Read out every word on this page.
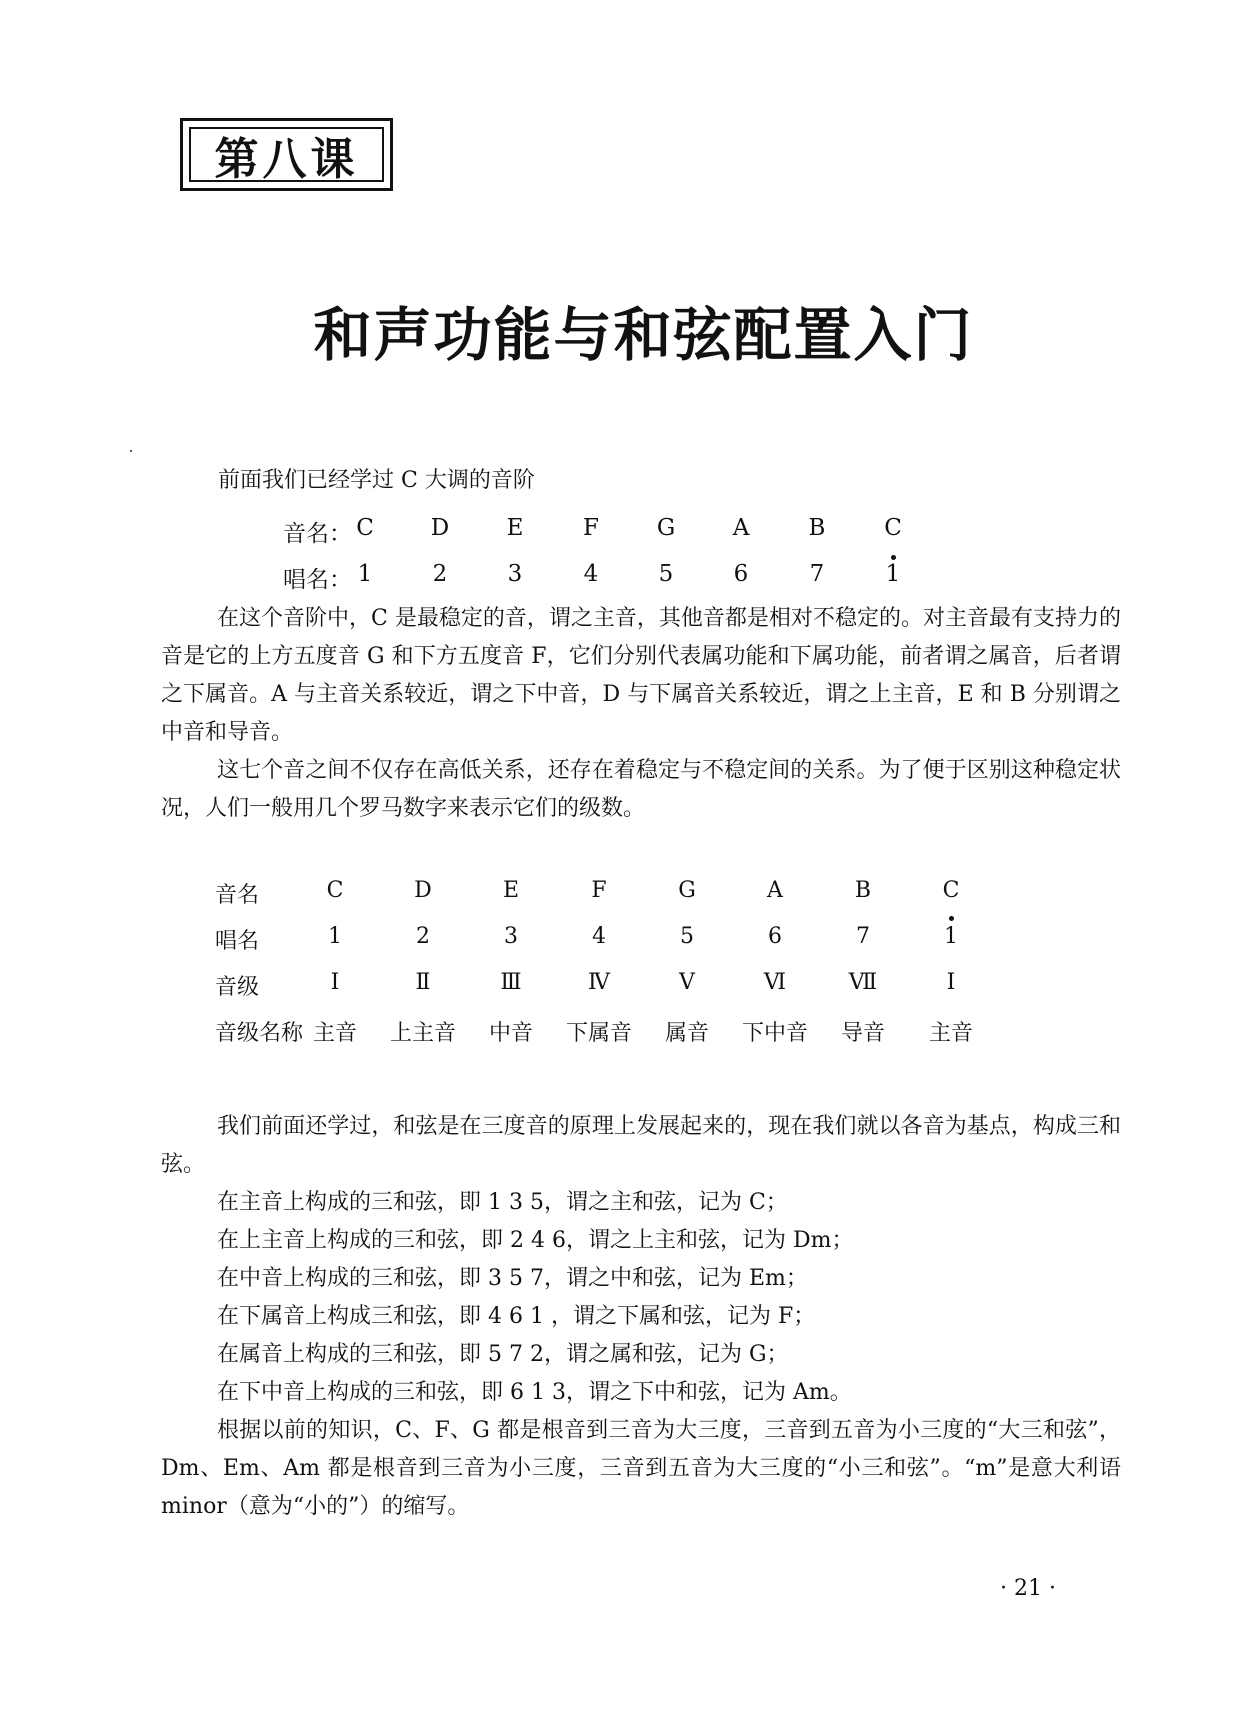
第八课
和声功能与和弦配置入门
前面我们已经学过 C 大调的音阶
音名： C	D	E	F	G	A	B	C
唱名： 1	2	3	4	5	6	7	1

在这个音阶中，C 是最稳定的音，谓之主音，其他音都是相对不稳定的。对主音最有支持力的音是它的上方五度音 G 和下方五度音 F，它们分别代表属功能和下属功能，前者谓之属音，后者谓之下属音。A 与主音关系较近，谓之下中音，D 与下属音关系较近，谓之上主音，E 和 B 分别谓之中音和导音。

这七个音之间不仅存在高低关系，还存在着稳定与不稳定间的关系。为了便于区别这种稳定状况，人们一般用几个罗马数字来表示它们的级数。

音名	C	D	E	F	G	A	B	C
唱名	1	2	3	4	5	6	7	1
音级	Ⅰ	Ⅱ	Ⅲ	Ⅳ	Ⅴ	Ⅵ	Ⅶ	Ⅰ
音级名称 主音	上主音	中音	下属音	属音	下中音	导音	主音

我们前面还学过，和弦是在三度音的原理上发展起来的，现在我们就以各音为基点，构成三和弦。

在主音上构成的三和弦，即 1 3 5，谓之主和弦，记为 C；

在上主音上构成的三和弦，即 2 4 6，谓之上主和弦，记为 Dm；

在中音上构成的三和弦，即 3 5 7，谓之中和弦，记为 Em；

在下属音上构成三和弦，即 4 6 1 ，谓之下属和弦，记为 F；

在属音上构成的三和弦，即 5 7 2，谓之属和弦，记为 G；

在下中音上构成的三和弦，即 6 1 3，谓之下中和弦，记为 Am。

根据以前的知识，C、F、G 都是根音到三音为大三度，三音到五音为小三度的“大三和弦”，Dm、Em、Am 都是根音到三音为小三度，三音到五音为大三度的“小三和弦”。“m”是意大利语 minor（意为“小的”）的缩写。

· 21 ·
